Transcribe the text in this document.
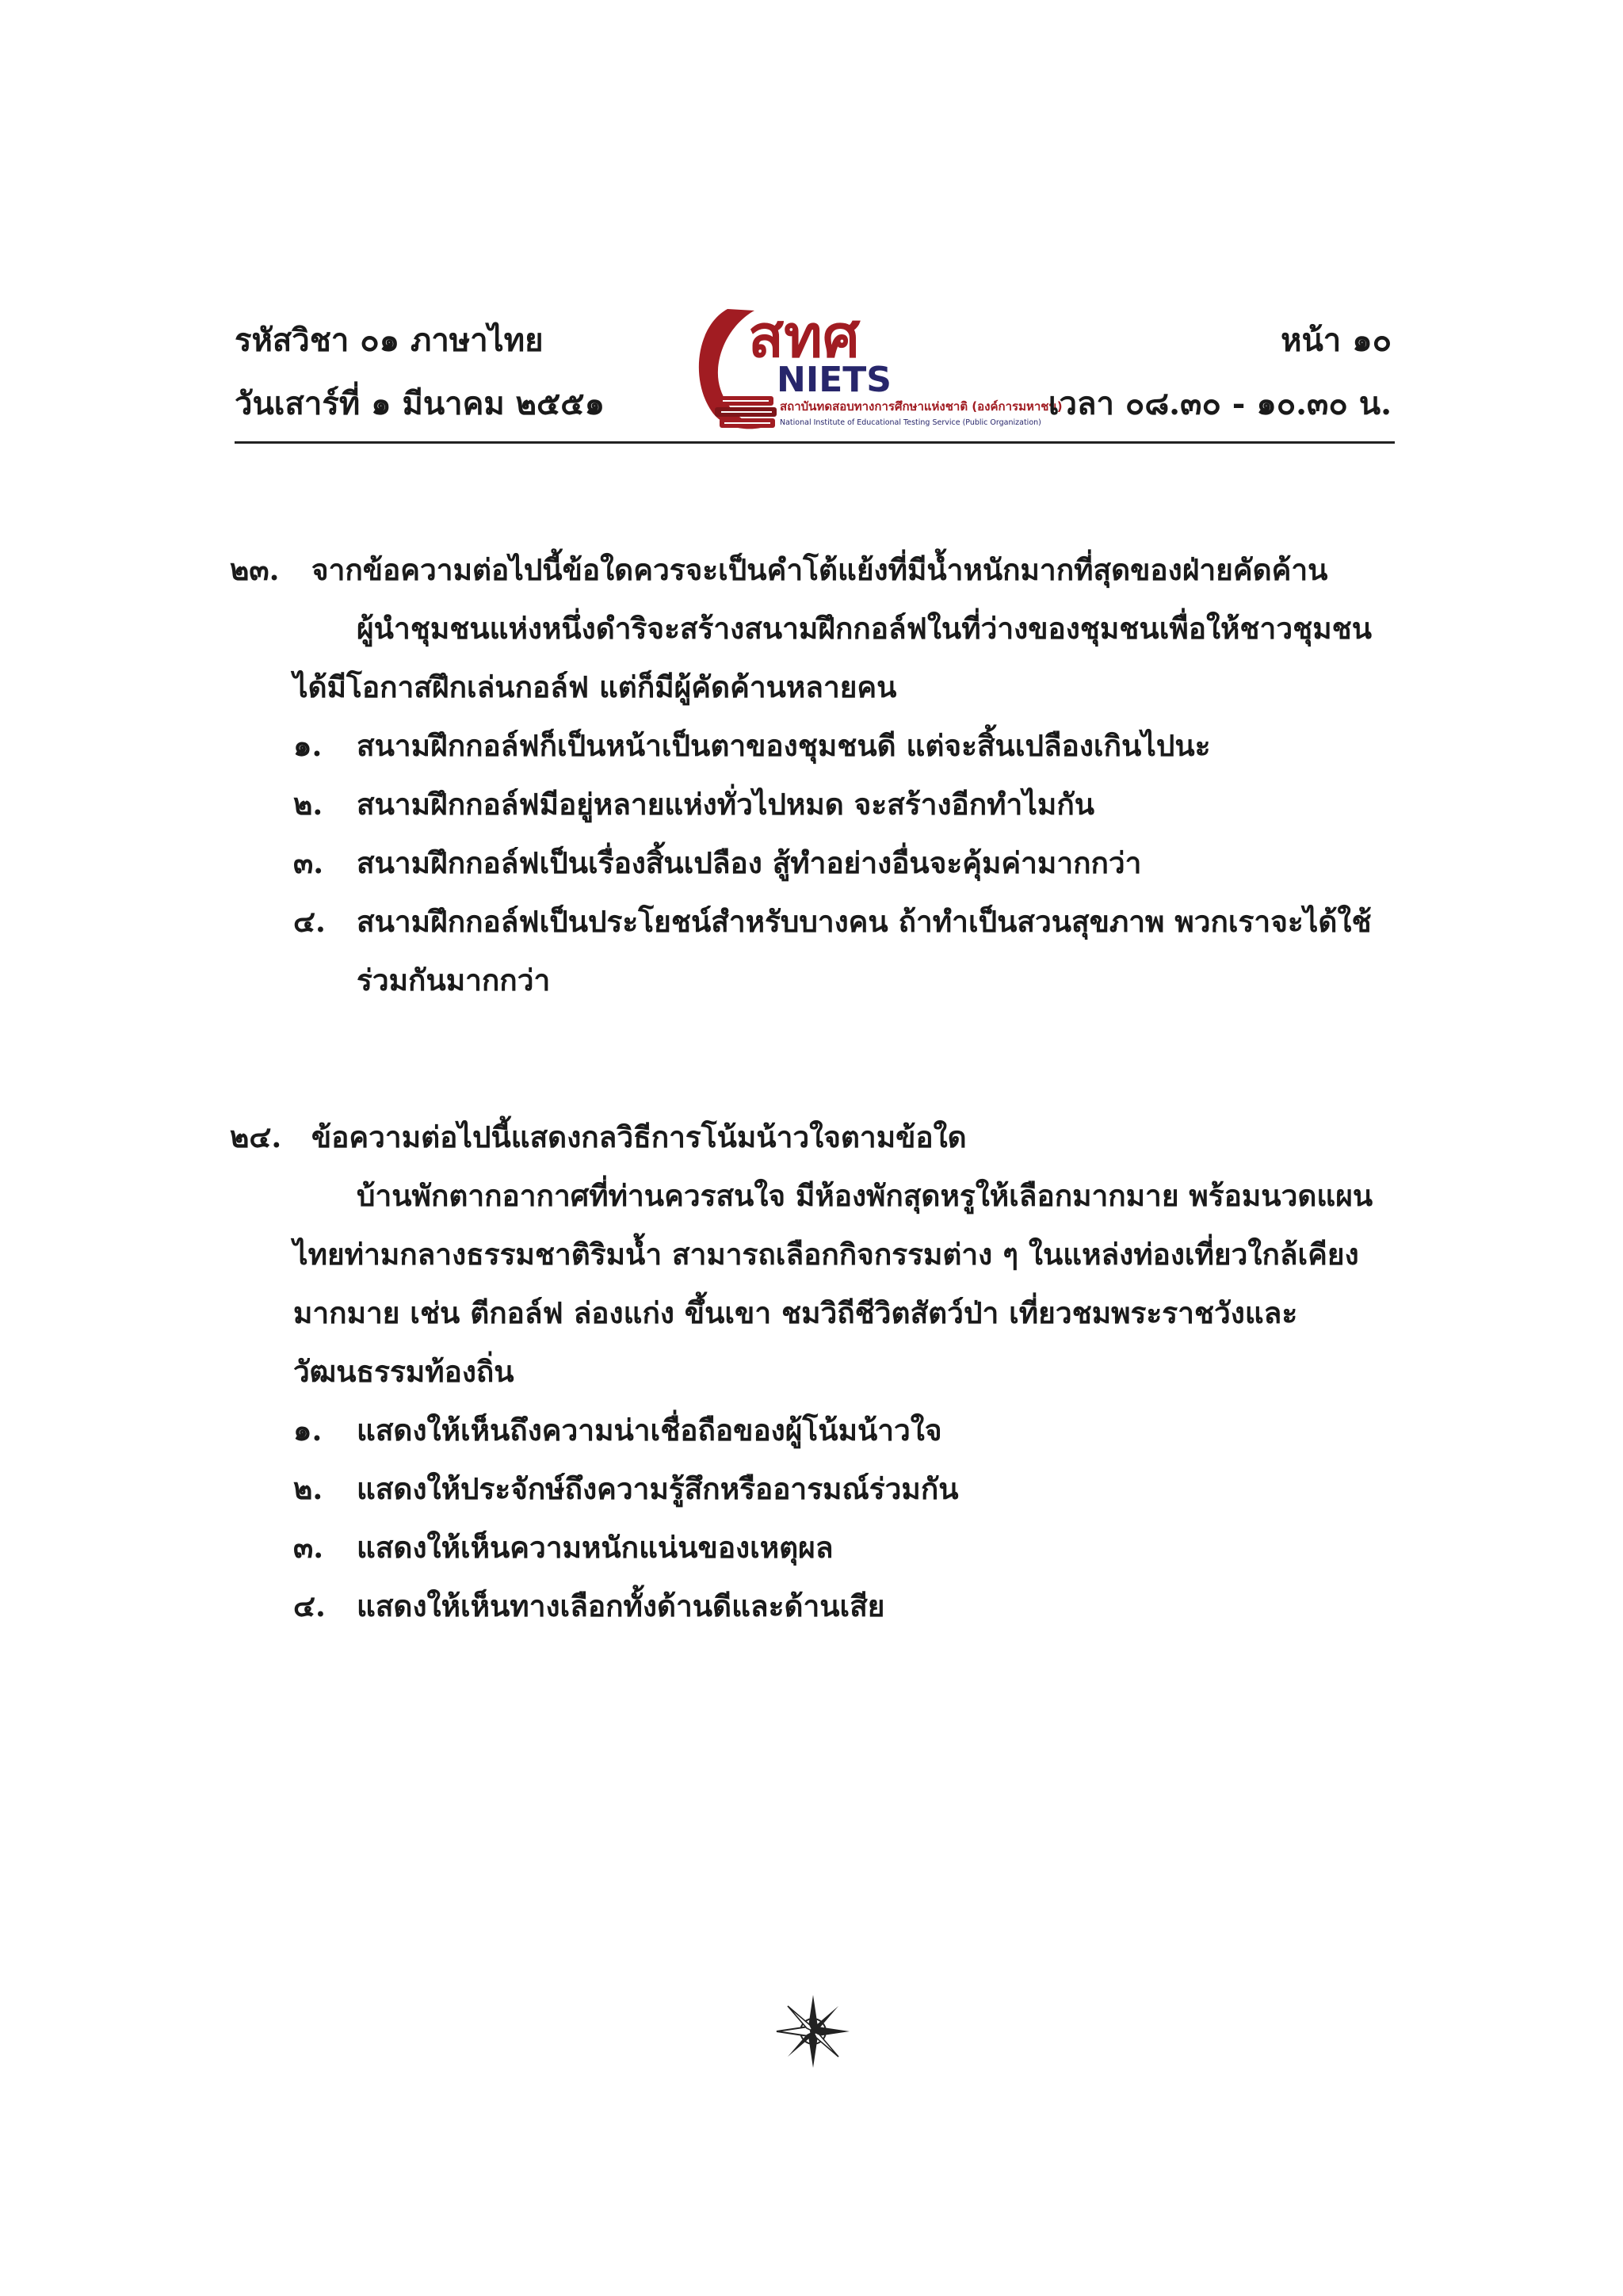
รหัสวิชา ๐๑ ภาษาไทย
วันเสาร์ที่ ๑ มีนาคม ๒๕๕๑
สทศ
NIETS
สถาบันทดสอบทางการศึกษาแห่งชาติ (องค์การมหาชน)
National Institute of Educational Testing Service (Public Organization)
หน้า ๑๐
เวลา ๐๘.๓๐ - ๑๐.๓๐ น.
๒๓. จากข้อความต่อไปนี้ข้อใดควรจะเป็นคำโต้แย้งที่มีน้ำหนักมากที่สุดของฝ่ายคัดค้าน
ผู้นำชุมชนแห่งหนึ่งดำริจะสร้างสนามฝึกกอล์ฟในที่ว่างของชุมชนเพื่อให้ชาวชุมชนได้มีโอกาสฝึกเล่นกอล์ฟ แต่ก็มีผู้คัดค้านหลายคน
๑. สนามฝึกกอล์ฟก็เป็นหน้าเป็นตาของชุมชนดี แต่จะสิ้นเปลืองเกินไปนะ
๒. สนามฝึกกอล์ฟมีอยู่หลายแห่งทั่วไปหมด จะสร้างอีกทำไมกัน
๓. สนามฝึกกอล์ฟเป็นเรื่องสิ้นเปลือง สู้ทำอย่างอื่นจะคุ้มค่ามากกว่า
๔. สนามฝึกกอล์ฟเป็นประโยชน์สำหรับบางคน ถ้าทำเป็นสวนสุขภาพ พวกเราจะได้ใช้ร่วมกันมากกว่า
๒๔. ข้อความต่อไปนี้แสดงกลวิธีการโน้มน้าวใจตามข้อใด
บ้านพักตากอากาศที่ท่านควรสนใจ มีห้องพักสุดหรูให้เลือกมากมาย พร้อมนวดแผนไทยท่ามกลางธรรมชาติริมน้ำ สามารถเลือกกิจกรรมต่าง ๆ ในแหล่งท่องเที่ยวใกล้เคียงมากมาย เช่น ตีกอล์ฟ ล่องแก่ง ขึ้นเขา ชมวิถีชีวิตสัตว์ป่า เที่ยวชมพระราชวังและวัฒนธรรมท้องถิ่น
๑. แสดงให้เห็นถึงความน่าเชื่อถือของผู้โน้มน้าวใจ
๒. แสดงให้ประจักษ์ถึงความรู้สึกหรืออารมณ์ร่วมกัน
๓. แสดงให้เห็นความหนักแน่นของเหตุผล
๔. แสดงให้เห็นทางเลือกทั้งด้านดีและด้านเสีย
